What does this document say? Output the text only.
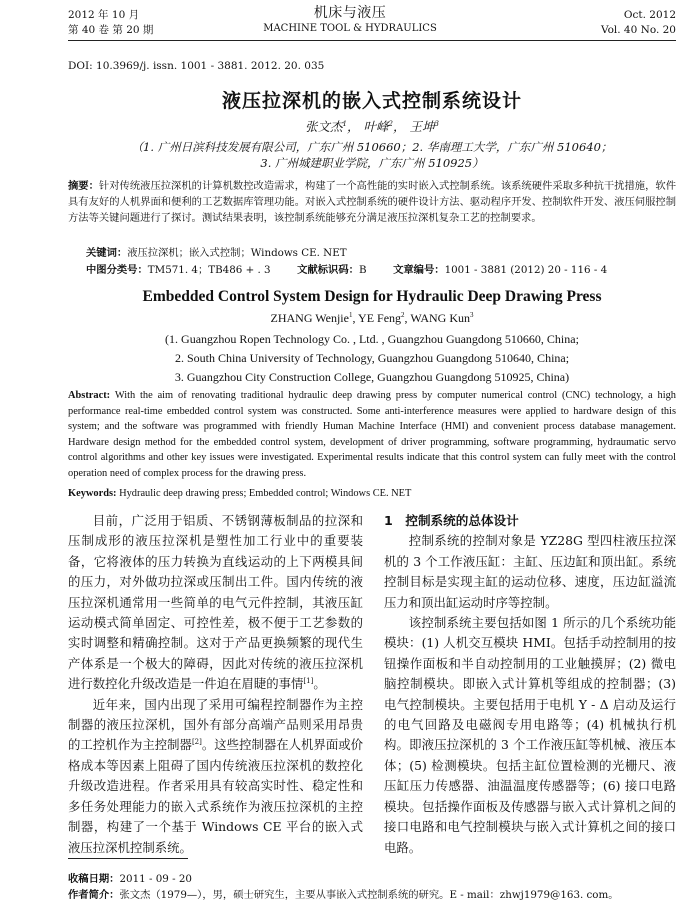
2012 年 10 月
第 40 卷 第 20 期
机床与液压
MACHINE TOOL & HYDRAULICS
Oct. 2012
Vol. 40 No. 20
DOI: 10.3969/j. issn. 1001 - 3881. 2012. 20. 035
液压拉深机的嵌入式控制系统设计
张文杰$^1$， 叶峰$^2$， 王坤$^3$
（1. 广州日滨科技发展有限公司，广东广州 510660；2. 华南理工大学，广东广州 510640；
3. 广州城建职业学院，广东广州 510925）
摘要：针对传统液压拉深机的计算机数控改造需求，构建了一个高性能的实时嵌入式控制系统。该系统硬件采取多种抗干扰措施，软件具有友好的人机界面和便利的工艺数据库管理功能。对嵌入式控制系统的硬件设计方法、驱动程序开发、控制软件开发、液压伺服控制方法等关键问题进行了探讨。测试结果表明，该控制系统能够充分满足液压拉深机复杂工艺的控制要求。
关键词：液压拉深机；嵌入式控制；Windows CE. NET
中图分类号：TM571. 4；TB486 + . 3	文献标识码：B	文章编号：1001 - 3881 (2012) 20 - 116 - 4
Embedded Control System Design for Hydraulic Deep Drawing Press
ZHANG Wenjie$^1$, YE Feng$^2$, WANG Kun$^3$
(1. Guangzhou Ropen Technology Co. , Ltd. , Guangzhou Guangdong 510660, China;
2. South China University of Technology, Guangzhou Guangdong 510640, China;
3. Guangzhou City Construction College, Guangzhou Guangdong 510925, China)
Abstract: With the aim of renovating traditional hydraulic deep drawing press by computer numerical control (CNC) technology, a high performance real-time embedded control system was constructed. Some anti-interference measures were applied to hardware design of this system; and the software was programmed with friendly Human Machine Interface (HMI) and convenient process database management. Hardware design method for the embedded control system, development of driver programming, software programming, hydraumatic servo control algorithms and other key issues were investigated. Experimental results indicate that this control system can fully meet with the control operation need of complex process for the drawing press.
Keywords: Hydraulic deep drawing press; Embedded control; Windows CE. NET

目前，广泛用于铝质、不锈钢薄板制品的拉深和压制成形的液压拉深机是塑性加工行业中的重要装备，它将液体的压力转换为直线运动的上下两模具间的压力，对外做功拉深或压制出工件。国内传统的液压拉深机通常用一些简单的电气元件控制，其液压缸运动模式简单固定、可控性差，极不便于工艺参数的实时调整和精确控制。这对于产品更换频繁的现代生产体系是一个极大的障碍，因此对传统的液压拉深机进行数控化升级改造是一件迫在眉睫的事情[1]。

近年来，国内出现了采用可编程控制器作为主控制器的液压拉深机，国外有部分高端产品则采用昂贵的工控机作为主控制器[2]。这些控制器在人机界面或价格成本等因素上阻碍了国内传统液压拉深机的数控化升级改造进程。作者采用具有较高实时性、稳定性和多任务处理能力的嵌入式系统作为液压拉深机的主控制器，构建了一个基于 Windows CE 平台的嵌入式液压拉深机控制系统。

1　控制系统的总体设计

控制系统的控制对象是 YZ28G 型四柱液压拉深机的 3 个工作液压缸：主缸、压边缸和顶出缸。系统控制目标是实现主缸的运动位移、速度，压边缸溢流压力和顶出缸运动时序等控制。

该控制系统主要包括如图 1 所示的几个系统功能模块：(1) 人机交互模块 HMI。包括手动控制用的按钮操作面板和半自动控制用的工业触摸屏；(2) 微电脑控制模块。即嵌入式计算机等组成的控制器；(3) 电气控制模块。主要包括用于电机 Y - Δ 启动及运行的电气回路及电磁阀专用电路等；(4) 机械执行机构。即液压拉深机的 3 个工作液压缸等机械、液压本体；(5) 检测模块。包括主缸位置检测的光栅尺、液压缸压力传感器、油温温度传感器等；(6) 接口电路模块。包括操作面板及传感器与嵌入式计算机之间的接口电路和电气控制模块与嵌入式计算机之间的接口电路。

收稿日期：2011 - 09 - 20
作者简介：张文杰（1979—），男，硕士研究生，主要从事嵌入式控制系统的研究。E - mail：zhwj1979@163. com。
